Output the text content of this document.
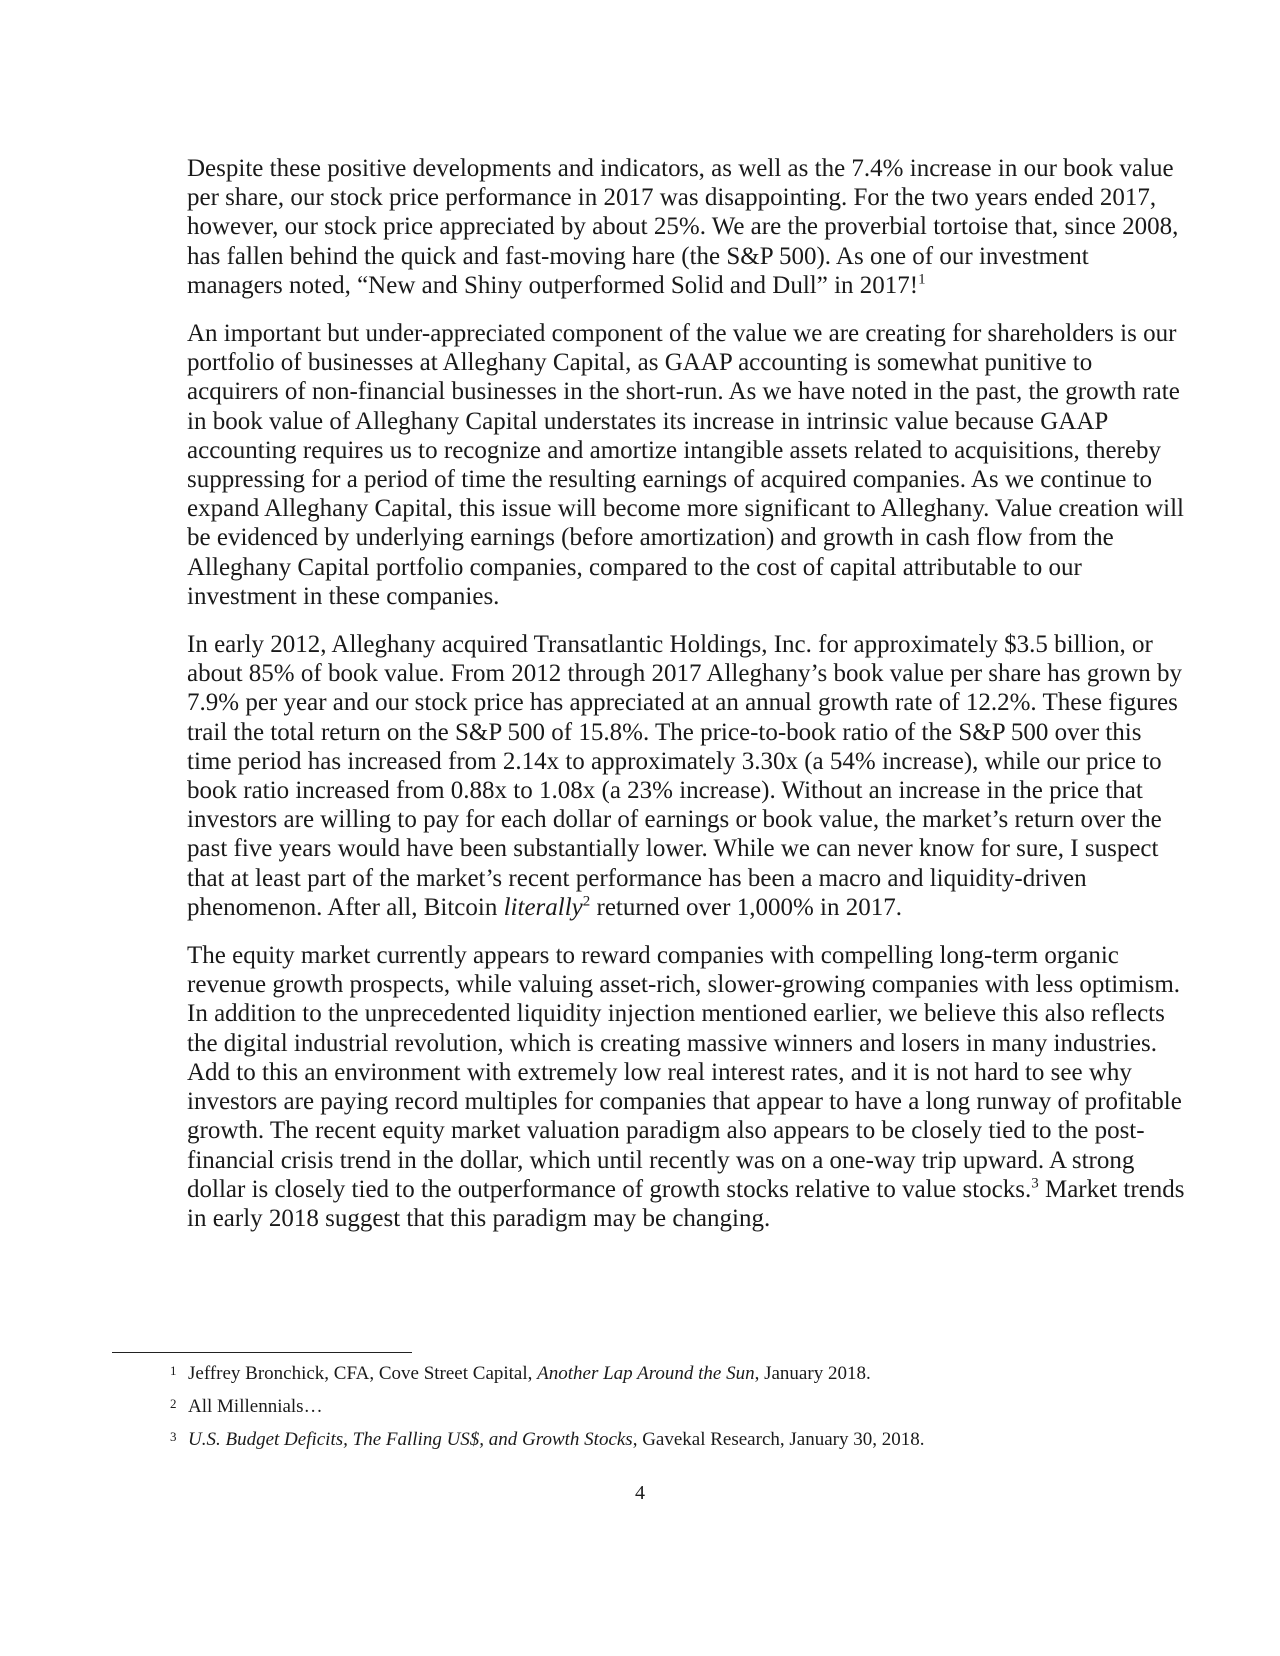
Despite these positive developments and indicators, as well as the 7.4% increase in our book value per share, our stock price performance in 2017 was disappointing. For the two years ended 2017, however, our stock price appreciated by about 25%. We are the proverbial tortoise that, since 2008, has fallen behind the quick and fast-moving hare (the S&P 500). As one of our investment managers noted, “New and Shiny outperformed Solid and Dull” in 2017!$^1$

An important but under-appreciated component of the value we are creating for shareholders is our portfolio of businesses at Alleghany Capital, as GAAP accounting is somewhat punitive to acquirers of non-financial businesses in the short-run. As we have noted in the past, the growth rate in book value of Alleghany Capital understates its increase in intrinsic value because GAAP accounting requires us to recognize and amortize intangible assets related to acquisitions, thereby suppressing for a period of time the resulting earnings of acquired companies. As we continue to expand Alleghany Capital, this issue will become more significant to Alleghany. Value creation will be evidenced by underlying earnings (before amortization) and growth in cash flow from the Alleghany Capital portfolio companies, compared to the cost of capital attributable to our investment in these companies.

In early 2012, Alleghany acquired Transatlantic Holdings, Inc. for approximately $3.5 billion, or about 85% of book value. From 2012 through 2017 Alleghany’s book value per share has grown by 7.9% per year and our stock price has appreciated at an annual growth rate of 12.2%. These figures trail the total return on the S&P 500 of 15.8%. The price-to-book ratio of the S&P 500 over this time period has increased from 2.14x to approximately 3.30x (a 54% increase), while our price to book ratio increased from 0.88x to 1.08x (a 23% increase). Without an increase in the price that investors are willing to pay for each dollar of earnings or book value, the market’s return over the past five years would have been substantially lower. While we can never know for sure, I suspect that at least part of the market’s recent performance has been a macro and liquidity-driven phenomenon. After all, Bitcoin literally$^2$ returned over 1,000% in 2017.

The equity market currently appears to reward companies with compelling long-term organic revenue growth prospects, while valuing asset-rich, slower-growing companies with less optimism. In addition to the unprecedented liquidity injection mentioned earlier, we believe this also reflects the digital industrial revolution, which is creating massive winners and losers in many industries. Add to this an environment with extremely low real interest rates, and it is not hard to see why investors are paying record multiples for companies that appear to have a long runway of profitable growth. The recent equity market valuation paradigm also appears to be closely tied to the post-financial crisis trend in the dollar, which until recently was on a one-way trip upward. A strong dollar is closely tied to the outperformance of growth stocks relative to value stocks.$^3$ Market trends in early 2018 suggest that this paradigm may be changing.

1 Jeffrey Bronchick, CFA, Cove Street Capital, Another Lap Around the Sun, January 2018.
2 All Millennials…
3 U.S. Budget Deficits, The Falling US$, and Growth Stocks, Gavekal Research, January 30, 2018.
4
